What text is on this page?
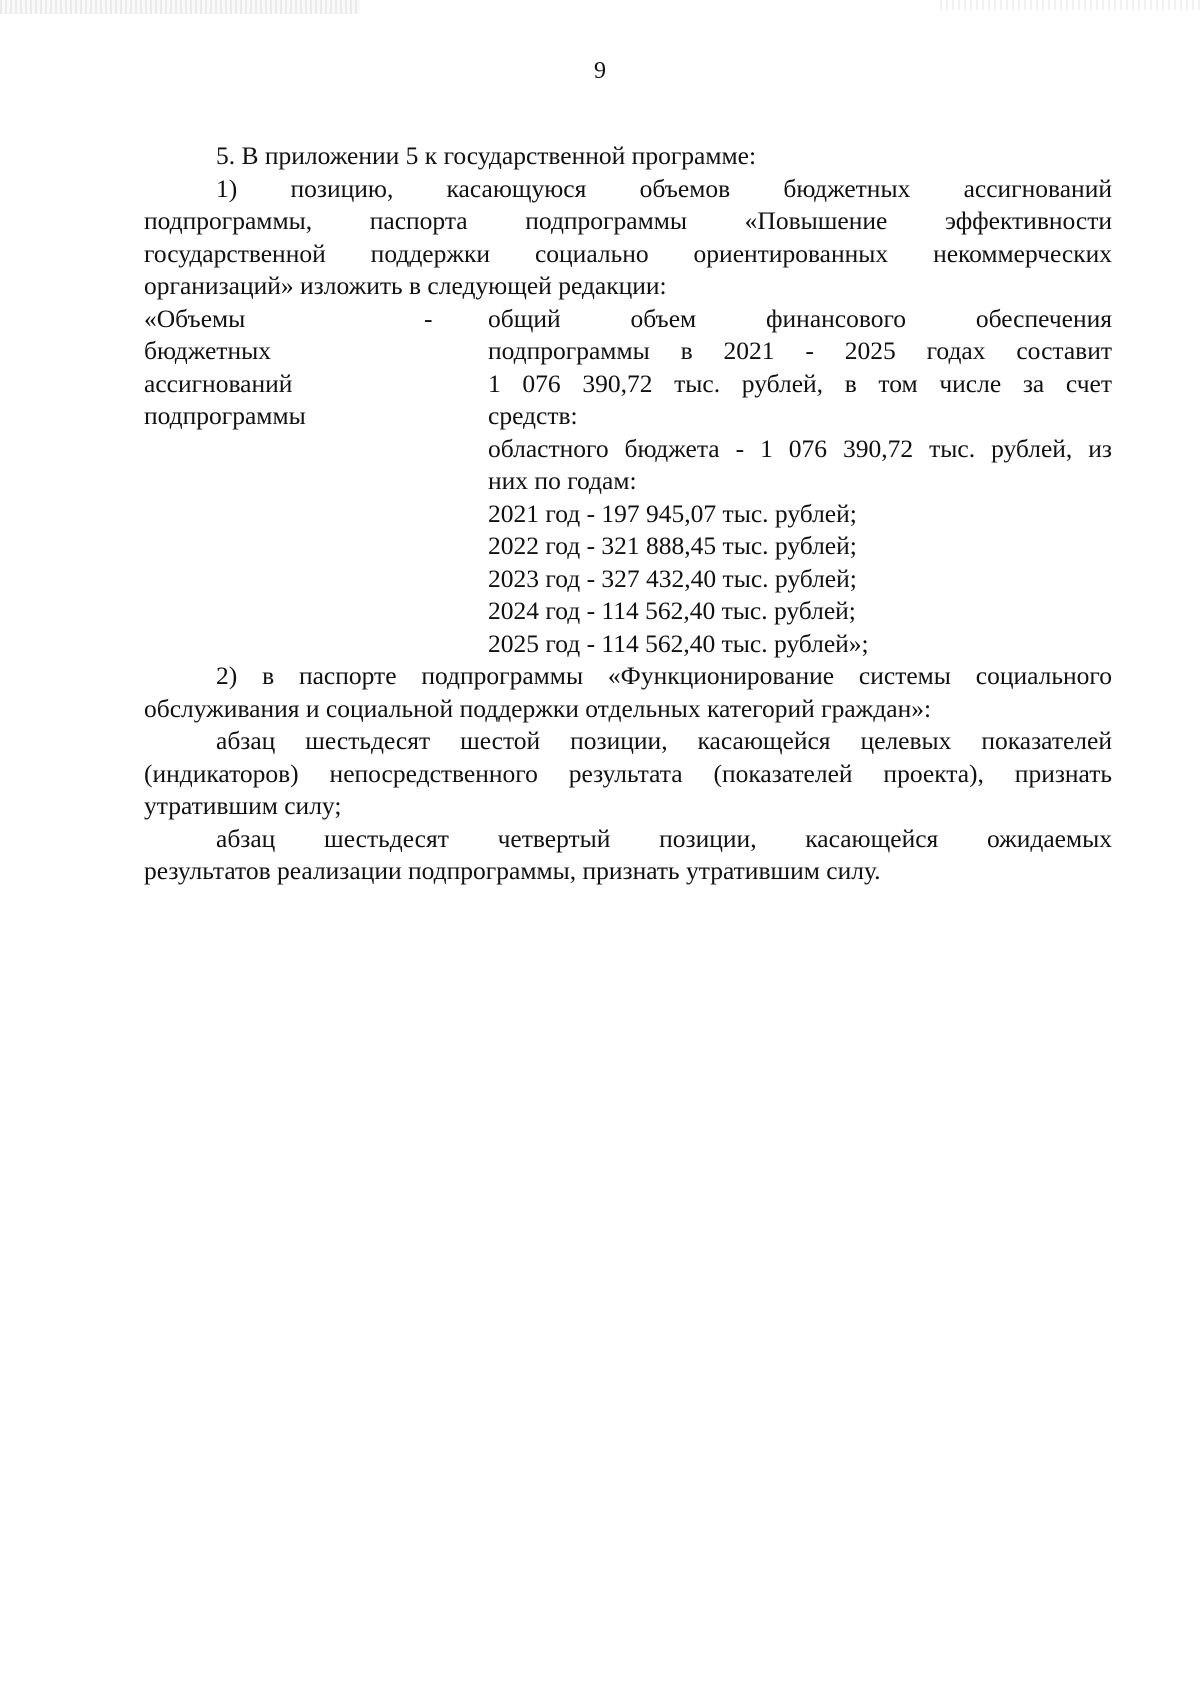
9
5. В приложении 5 к государственной программе:
1) позицию, касающуюся объемов бюджетных ассигнований
подпрограммы, паспорта подпрограммы «Повышение эффективности
государственной поддержки социально ориентированных некоммерческих
организаций» изложить в следующей редакции:
«Объемы
бюджетных
ассигнований
подпрограммы
-	общий объем финансового обеспечения
подпрограммы в 2021 - 2025 годах составит
1 076 390,72 тыс. рублей, в том числе за счет
средств:
областного бюджета - 1 076 390,72 тыс. рублей, из
них по годам:
2021 год - 197 945,07 тыс. рублей;
2022 год - 321 888,45 тыс. рублей;
2023 год - 327 432,40 тыс. рублей;
2024 год - 114 562,40 тыс. рублей;
2025 год - 114 562,40 тыс. рублей»;
2) в паспорте подпрограммы «Функционирование системы социального
обслуживания и социальной поддержки отдельных категорий граждан»:
абзац шестьдесят шестой позиции, касающейся целевых показателей
(индикаторов) непосредственного результата (показателей проекта), признать
утратившим силу;
абзац шестьдесят четвертый позиции, касающейся ожидаемых
результатов реализации подпрограммы, признать утратившим силу.
